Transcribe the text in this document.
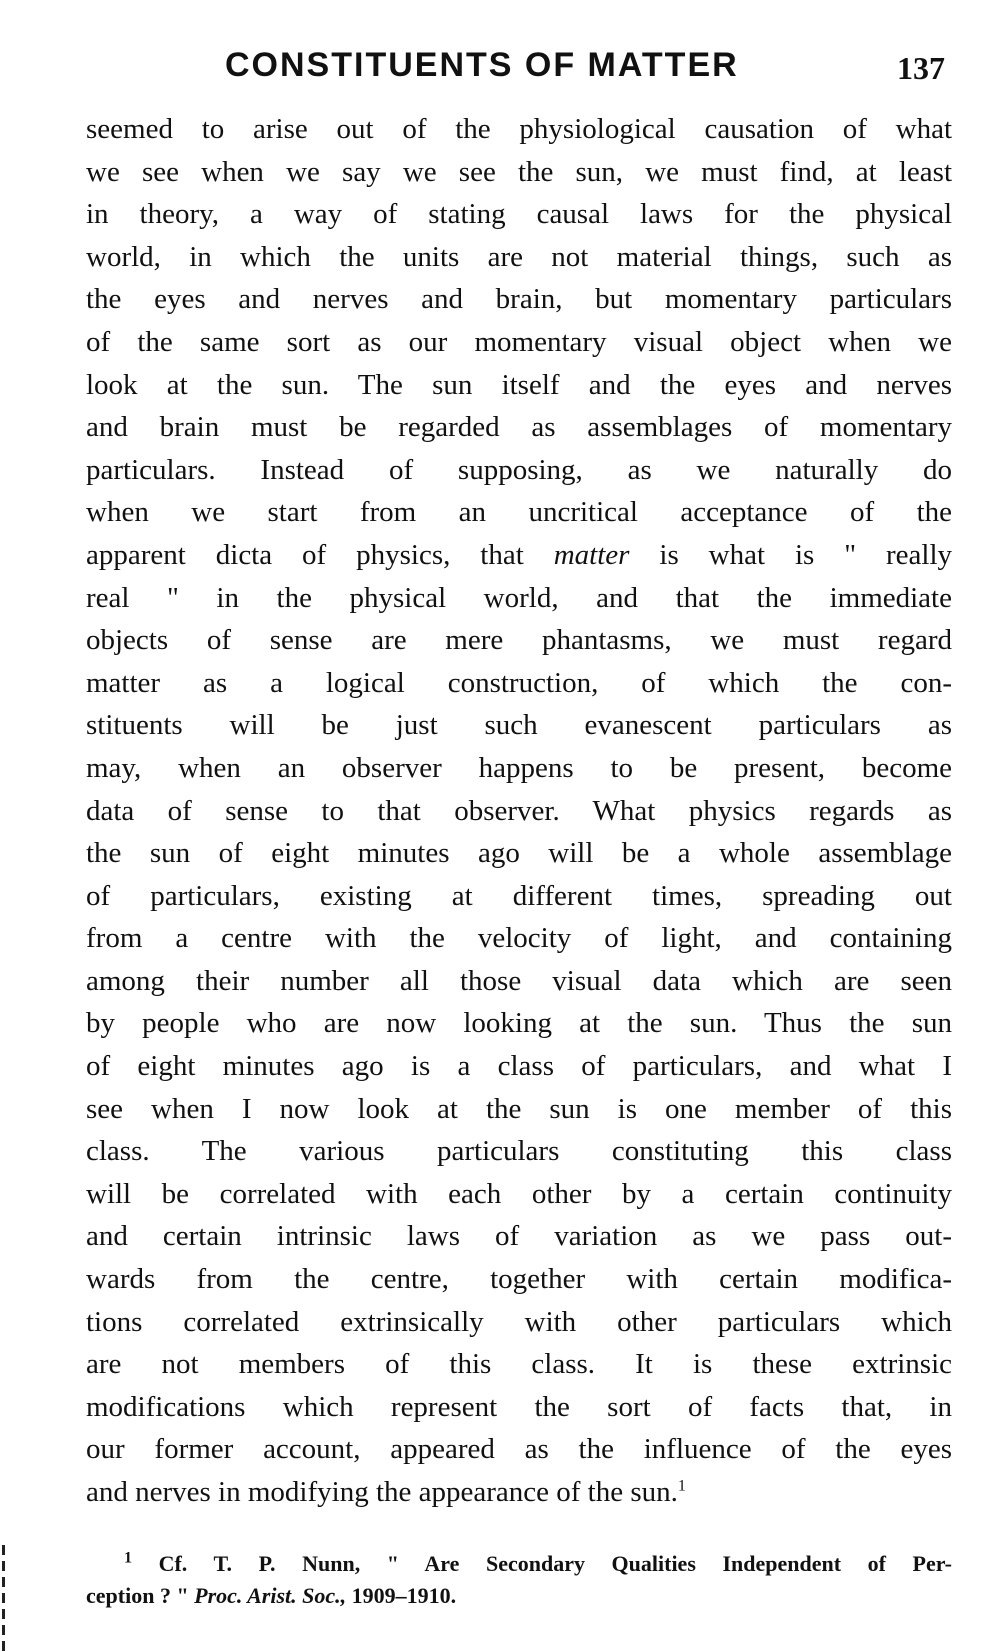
CONSTITUENTS OF MATTER	137
seemed to arise out of the physiological causation of what
we see when we say we see the sun, we must find, at least
in theory, a way of stating causal laws for the physical
world, in which the units are not material things, such as
the eyes and nerves and brain, but momentary particulars
of the same sort as our momentary visual object when we
look at the sun. The sun itself and the eyes and nerves
and brain must be regarded as assemblages of momentary
particulars. Instead of supposing, as we naturally do
when we start from an uncritical acceptance of the
apparent dicta of physics, that matter is what is " really
real " in the physical world, and that the immediate
objects of sense are mere phantasms, we must regard
matter as a logical construction, of which the con-
stituents will be just such evanescent particulars as
may, when an observer happens to be present, become
data of sense to that observer. What physics regards as
the sun of eight minutes ago will be a whole assemblage
of particulars, existing at different times, spreading out
from a centre with the velocity of light, and containing
among their number all those visual data which are seen
by people who are now looking at the sun. Thus the sun
of eight minutes ago is a class of particulars, and what I
see when I now look at the sun is one member of this
class. The various particulars constituting this class
will be correlated with each other by a certain continuity
and certain intrinsic laws of variation as we pass out-
wards from the centre, together with certain modifica-
tions correlated extrinsically with other particulars which
are not members of this class. It is these extrinsic
modifications which represent the sort of facts that, in
our former account, appeared as the influence of the eyes
and nerves in modifying the appearance of the sun.$^1$
$^1$ Cf. T. P. Nunn, " Are Secondary Qualities Independent of Per-
ception ? " Proc. Arist. Soc., 1909–1910.
